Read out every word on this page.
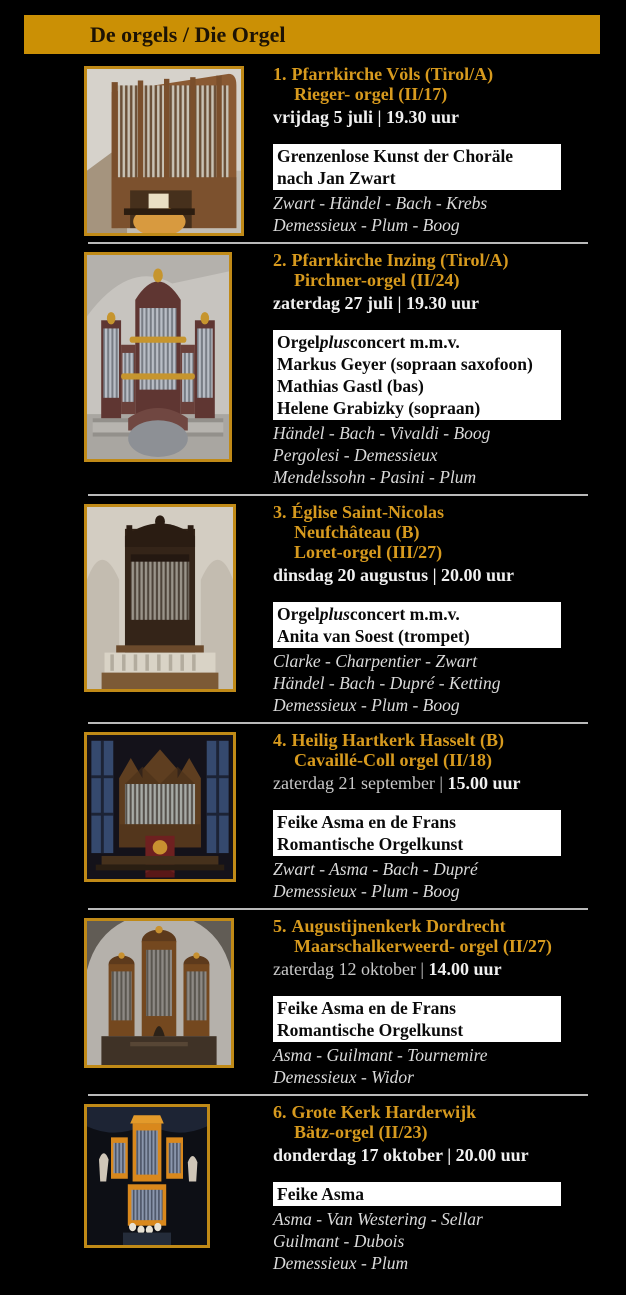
De orgels / Die Orgel
1. Pfarrkirche Völs (Tirol/A)
Rieger- orgel (II/17)
vrijdag 5 juli | 19.30 uur
Grenzenlose Kunst der Choräle
nach Jan Zwart
Zwart - Händel - Bach - Krebs
Demessieux - Plum - Boog
2. Pfarrkirche Inzing (Tirol/A)
Pirchner-orgel (II/24)
zaterdag 27 juli | 19.30 uur
Orgelplusconcert m.m.v.
Markus Geyer (sopraan saxofoon)
Mathias Gastl (bas)
Helene Grabizky (sopraan)
Händel - Bach - Vivaldi - Boog
Pergolesi - Demessieux
Mendelssohn - Pasini - Plum
3. Église Saint-Nicolas
Neufchâteau (B)
Loret-orgel (III/27)
dinsdag 20 augustus | 20.00 uur
Orgelplusconcert m.m.v.
Anita van Soest (trompet)
Clarke - Charpentier - Zwart
Händel - Bach - Dupré - Ketting
Demessieux - Plum - Boog
4. Heilig Hartkerk Hasselt (B)
Cavaillé-Coll orgel (II/18)
zaterdag 21 september | 15.00 uur
Feike Asma en de Frans
Romantische Orgelkunst
Zwart - Asma - Bach - Dupré
Demessieux - Plum - Boog
5. Augustijnenkerk Dordrecht
Maarschalkerweerd- orgel (II/27)
zaterdag 12 oktober | 14.00 uur
Feike Asma en de Frans
Romantische Orgelkunst
Asma - Guilmant - Tournemire
Demessieux - Widor
6. Grote Kerk Harderwijk
Bätz-orgel (II/23)
donderdag 17 oktober | 20.00 uur
Feike Asma
Asma - Van Westering - Sellar
Guilmant - Dubois
Demessieux - Plum
